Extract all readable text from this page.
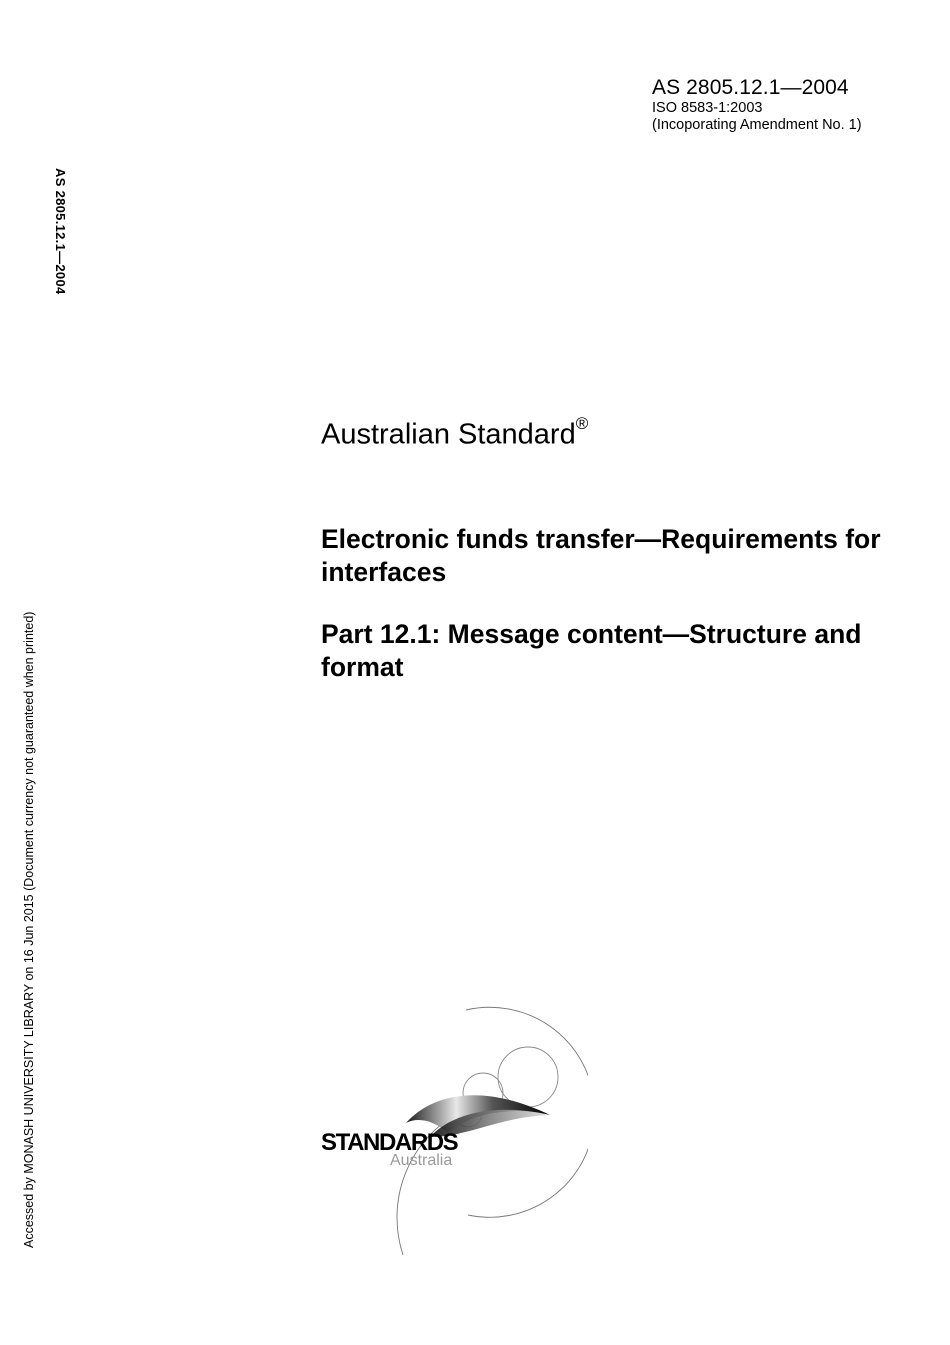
AS 2805.12.1—2004
ISO 8583-1:2003
(Incoporating Amendment No. 1)
AS 2805.12.1—2004
Accessed by MONASH UNIVERSITY LIBRARY on 16 Jun 2015 (Document currency not guaranteed when printed)
Australian Standard®
Electronic funds transfer—Requirements for interfaces
Part 12.1: Message content—Structure and format
STANDARDS
Australia
